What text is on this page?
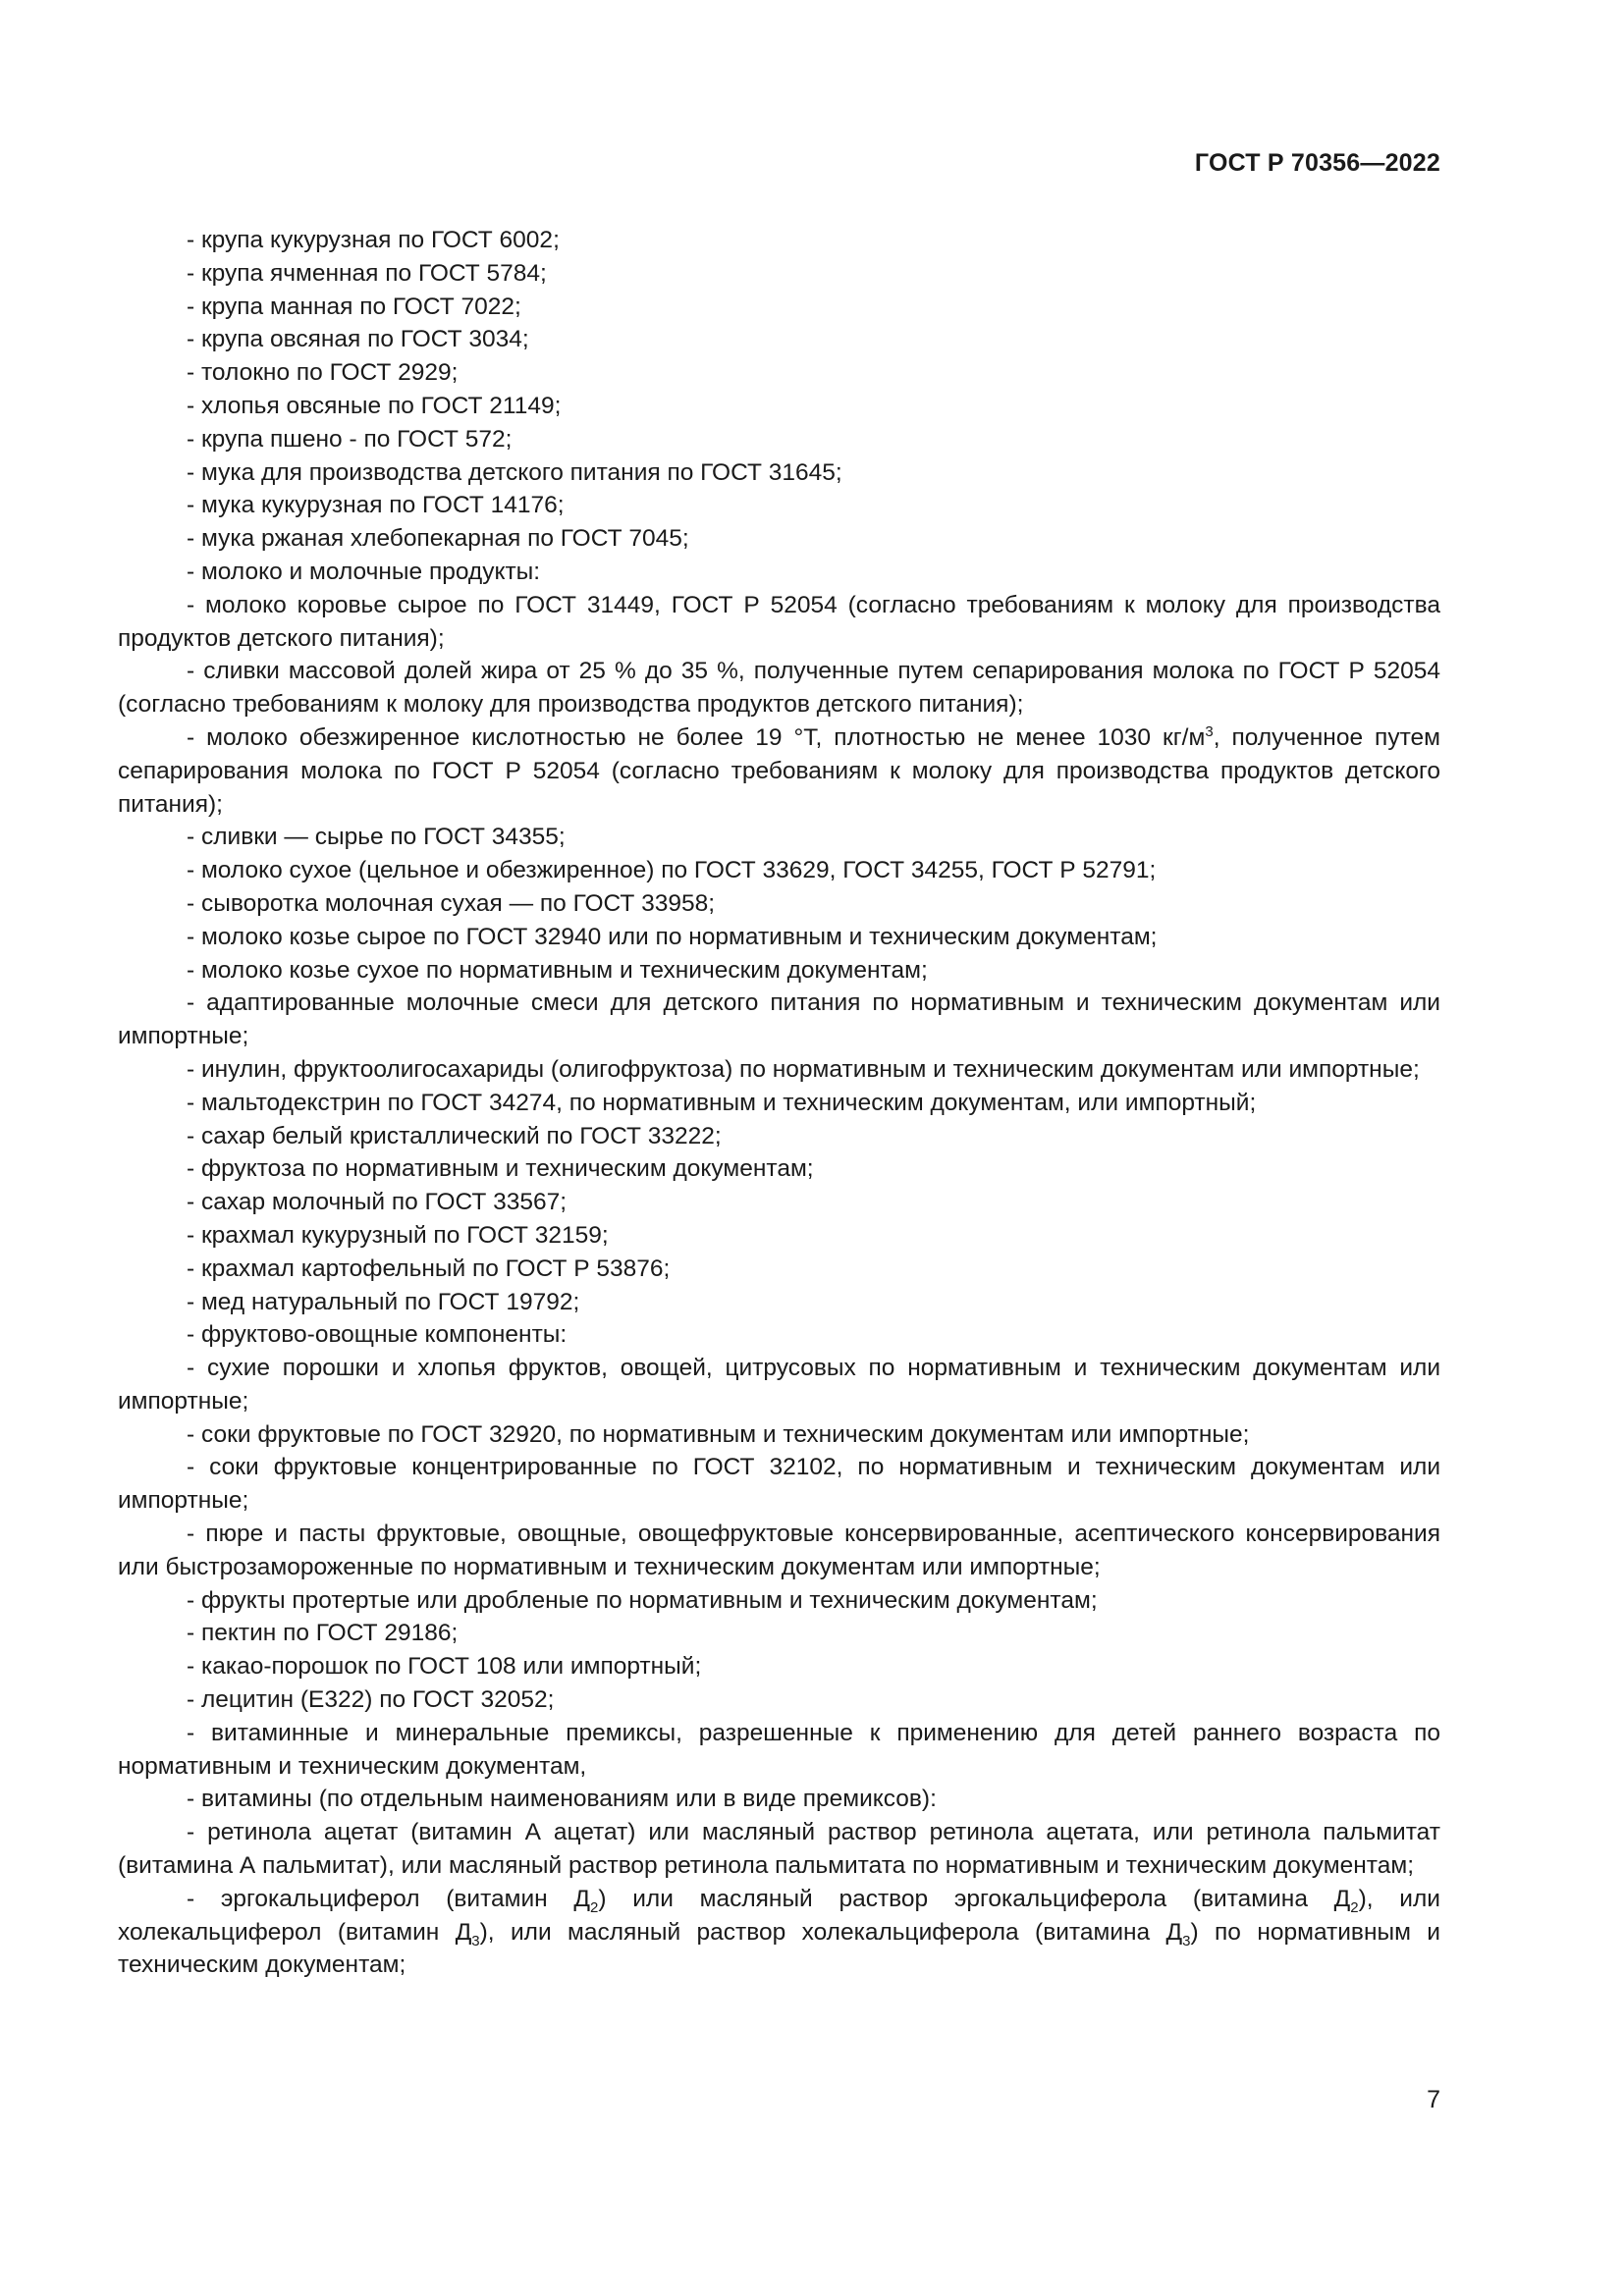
ГОСТ Р 70356—2022

- крупа кукурузная по ГОСТ 6002;

- крупа ячменная по ГОСТ 5784;

- крупа манная по ГОСТ 7022;

- крупа овсяная по ГОСТ 3034;

- толокно по ГОСТ 2929;

- хлопья овсяные по ГОСТ 21149;

- крупа пшено - по ГОСТ 572;

- мука для производства детского питания по ГОСТ 31645;

- мука кукурузная по ГОСТ 14176;

- мука ржаная хлебопекарная по ГОСТ 7045;

- молоко и молочные продукты:

- молоко коровье сырое по ГОСТ 31449, ГОСТ Р 52054 (согласно требованиям к молоку для производства продуктов детского питания);

- сливки массовой долей жира от 25 % до 35 %, полученные путем сепарирования молока по ГОСТ Р 52054 (согласно требованиям к молоку для производства продуктов детского питания);

- молоко обезжиренное кислотностью не более 19 °Т, плотностью не менее 1030 $кг/м^3$, полученное путем сепарирования молока по ГОСТ Р 52054 (согласно требованиям к молоку для производства продуктов детского питания);

- сливки — сырье по ГОСТ 34355;

- молоко сухое (цельное и обезжиренное) по ГОСТ 33629, ГОСТ 34255, ГОСТ Р 52791;

- сыворотка молочная сухая — по ГОСТ 33958;

- молоко козье сырое по ГОСТ 32940 или по нормативным и техническим документам;

- молоко козье сухое по нормативным и техническим документам;

- адаптированные молочные смеси для детского питания по нормативным и техническим документам или импортные;

- инулин, фруктоолигосахариды (олигофруктоза) по нормативным и техническим документам или импортные;

- мальтодекстрин по ГОСТ 34274, по нормативным и техническим документам, или импортный;

- сахар белый кристаллический по ГОСТ 33222;

- фруктоза по нормативным и техническим документам;

- сахар молочный по ГОСТ 33567;

- крахмал кукурузный по ГОСТ 32159;

- крахмал картофельный по ГОСТ Р 53876;

- мед натуральный по ГОСТ 19792;

- фруктово-овощные компоненты:

- сухие порошки и хлопья фруктов, овощей, цитрусовых по нормативным и техническим документам или импортные;

- соки фруктовые по ГОСТ 32920, по нормативным и техническим документам или импортные;

- соки фруктовые концентрированные по ГОСТ 32102, по нормативным и техническим документам или импортные;

- пюре и пасты фруктовые, овощные, овощефруктовые консервированные, асептического консервирования или быстрозамороженные по нормативным и техническим документам или импортные;

- фрукты протертые или дробленые по нормативным и техническим документам;

- пектин по ГОСТ 29186;

- какао-порошок по ГОСТ 108 или импортный;

- лецитин (Е322) по ГОСТ 32052;

- витаминные и минеральные премиксы, разрешенные к применению для детей раннего возраста по нормативным и техническим документам,

- витамины (по отдельным наименованиям или в виде премиксов):

- ретинола ацетат (витамин А ацетат) или масляный раствор ретинола ацетата, или ретинола пальмитат (витамина А пальмитат), или масляный раствор ретинола пальмитата по нормативным и техническим документам;

- эргокальциферол (витамин $Д_2$) или масляный раствор эргокальциферола (витамина $Д_2$), или холекальциферол (витамин $Д_3$), или масляный раствор холекальциферола (витамина $Д_3$) по нормативным и техническим документам;

7
